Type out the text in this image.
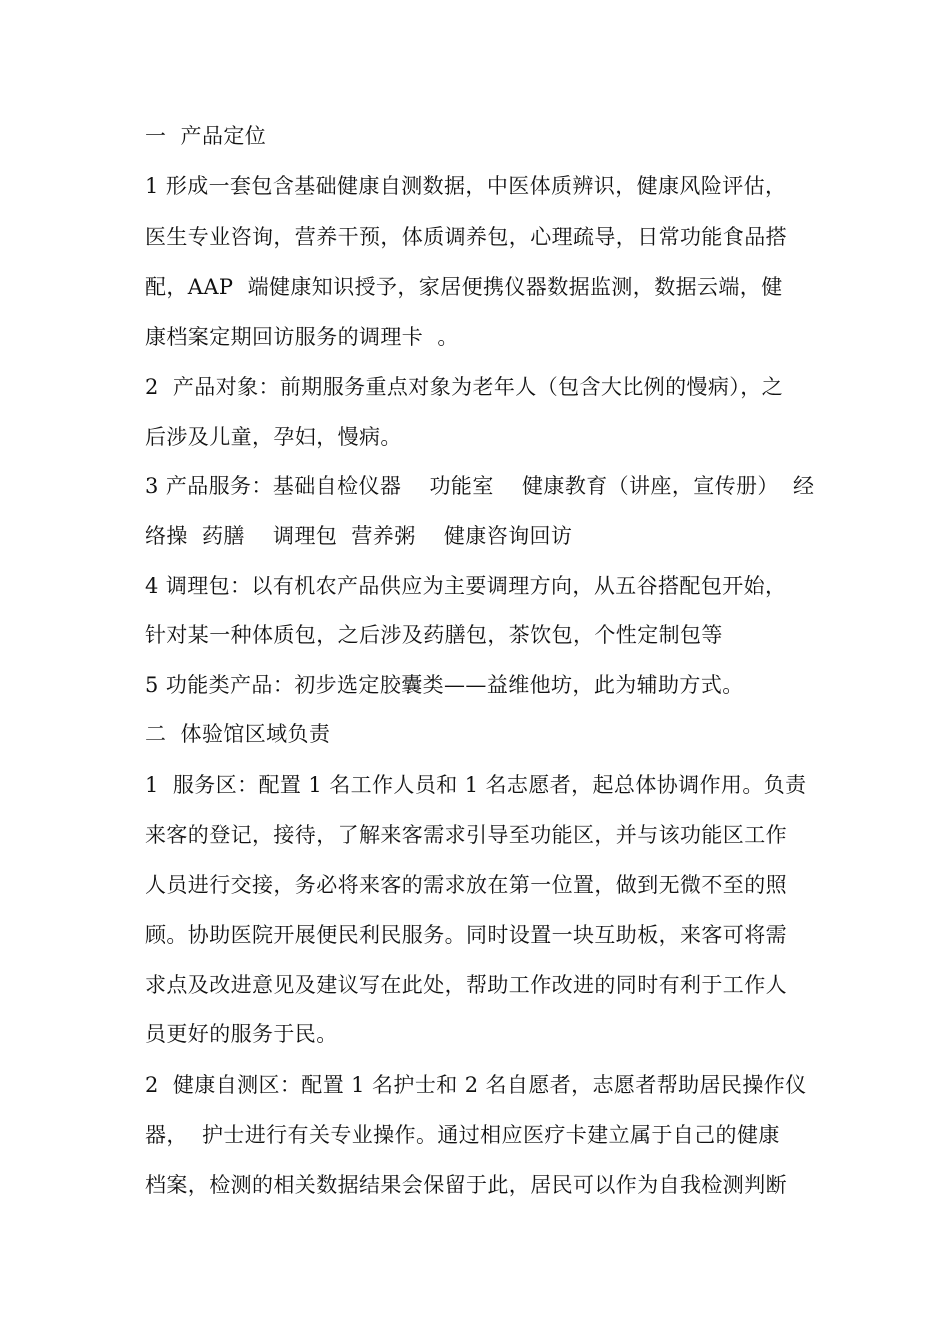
一  产品定位
1 形成一套包含基础健康自测数据，中医体质辨识，健康风险评估，
医生专业咨询，营养干预，体质调养包，心理疏导，日常功能食品搭
配，AAP  端健康知识授予，家居便携仪器数据监测，数据云端，健
康档案定期回访服务的调理卡  。
2  产品对象：前期服务重点对象为老年人（包含大比例的慢病），之
后涉及儿童，孕妇，慢病。
3 产品服务：基础自检仪器    功能室    健康教育（讲座，宣传册）  经
络操  药膳    调理包  营养粥    健康咨询回访
4 调理包：以有机农产品供应为主要调理方向，从五谷搭配包开始，
针对某一种体质包，之后涉及药膳包，茶饮包，个性定制包等
5 功能类产品：初步选定胶囊类——益维他坊，此为辅助方式。
二  体验馆区域负责
1  服务区：配置 1 名工作人员和 1 名志愿者，起总体协调作用。负责
来客的登记，接待，了解来客需求引导至功能区，并与该功能区工作
人员进行交接，务必将来客的需求放在第一位置，做到无微不至的照
顾。协助医院开展便民利民服务。同时设置一块互助板，来客可将需
求点及改进意见及建议写在此处，帮助工作改进的同时有利于工作人
员更好的服务于民。
2  健康自测区：配置 1 名护士和 2 名自愿者，志愿者帮助居民操作仪
器，  护士进行有关专业操作。通过相应医疗卡建立属于自己的健康
档案，检测的相关数据结果会保留于此，居民可以作为自我检测判断
